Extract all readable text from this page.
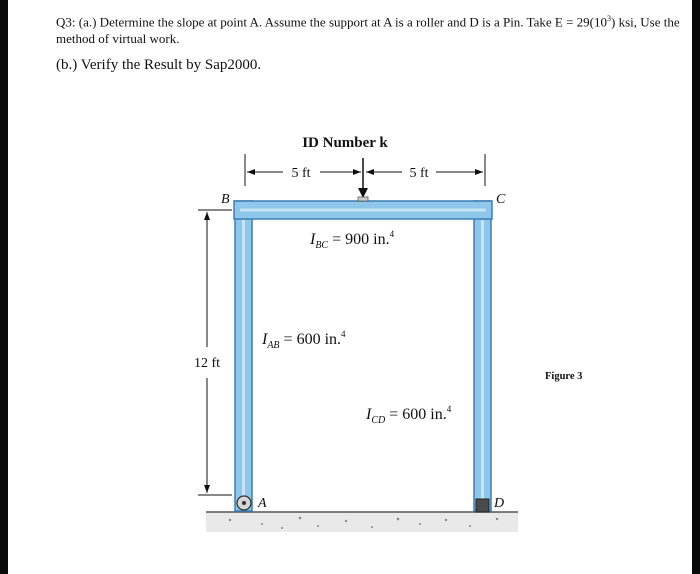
Q3: (a.) Determine the slope at point A. Assume the support at A is a roller and D is a Pin. Take $E = 29(10^3)$ ksi, Use the method of virtual work.
(b.) Verify the Result by Sap2000.
ID Number k
5 ft	5 ft
12 ft
B	C
A	D
$I_{BC} = 900$ in.$^4$
$I_{AB} = 600$ in.$^4$
$I_{CD} = 600$ in.$^4$
Figure 3
